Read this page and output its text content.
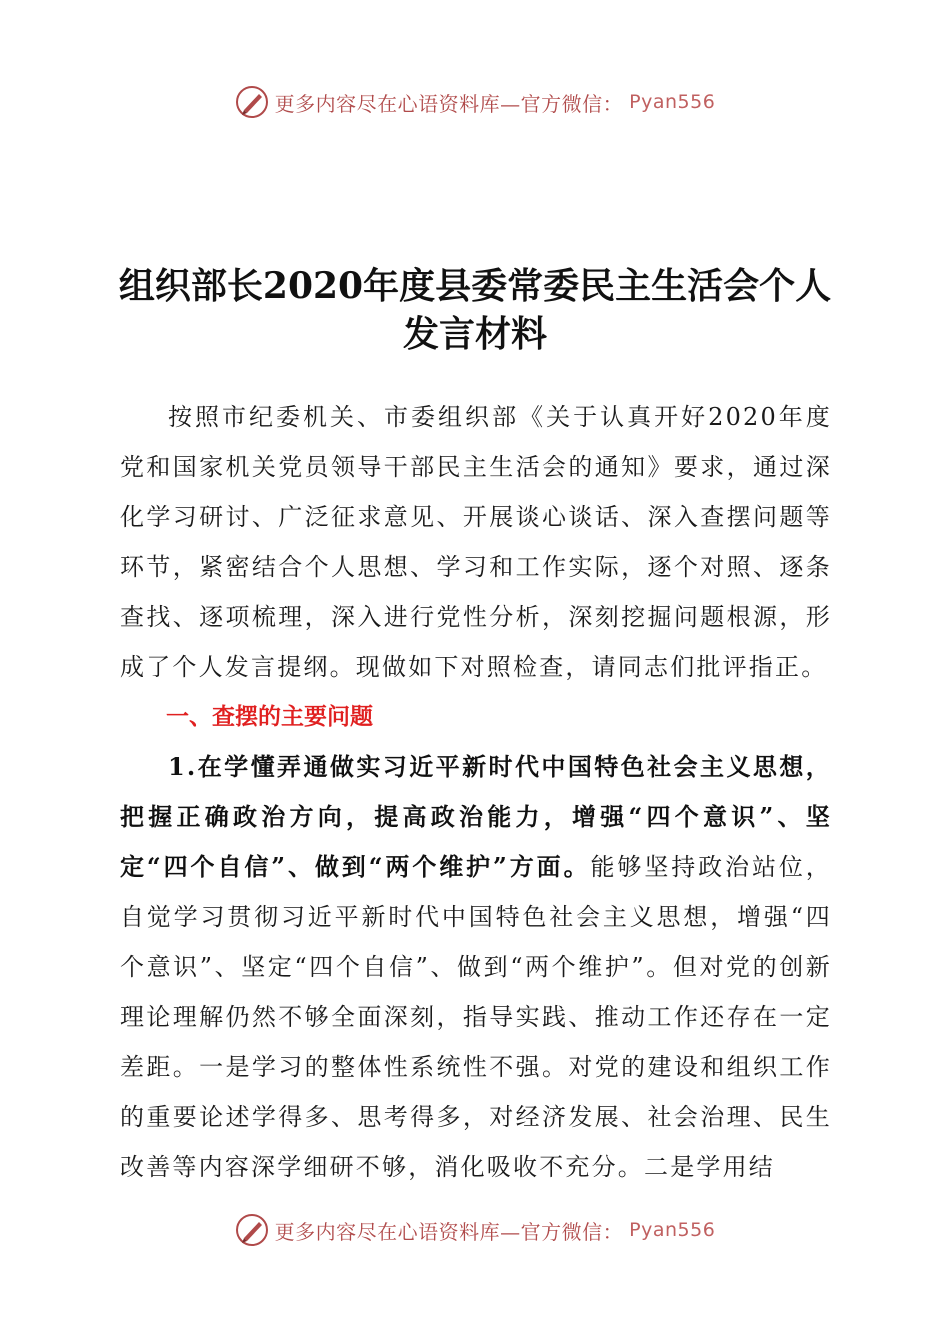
更多内容尽在心语资料库—官方微信： Pyan556
组织部长2020年度县委常委民主生活会个人发言材料

按照市纪委机关、市委组织部《关于认真开好2020年度党和国家机关党员领导干部民主生活会的通知》要求，通过深化学习研讨、广泛征求意见、开展谈心谈话、深入查摆问题等环节，紧密结合个人思想、学习和工作实际，逐个对照、逐条查找、逐项梳理，深入进行党性分析，深刻挖掘问题根源，形成了个人发言提纲。现做如下对照检查，请同志们批评指正。

一、查摆的主要问题

1.在学懂弄通做实习近平新时代中国特色社会主义思想，把握正确政治方向，提高政治能力，增强“四个意识”、坚定“四个自信”、做到“两个维护”方面。能够坚持政治站位，自觉学习贯彻习近平新时代中国特色社会主义思想，增强“四个意识”、坚定“四个自信”、做到“两个维护”。但对党的创新理论理解仍然不够全面深刻，指导实践、推动工作还存在一定差距。一是学习的整体性系统性不强。对党的建设和组织工作的重要论述学得多、思考得多，对经济发展、社会治理、民生改善等内容深学细研不够，消化吸收不充分。二是学用结

更多内容尽在心语资料库—官方微信： Pyan556
